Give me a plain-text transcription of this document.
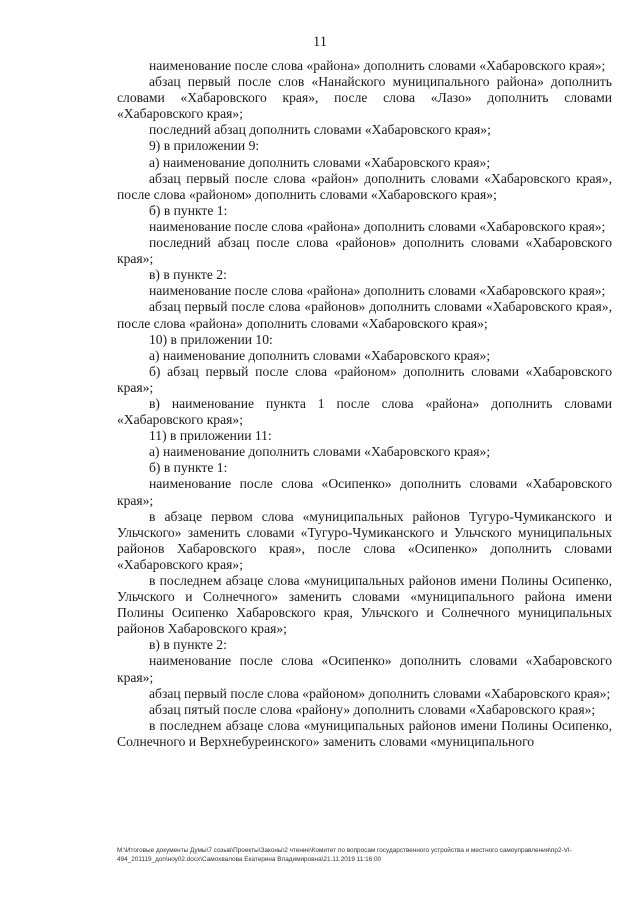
11

наименование после слова «района» дополнить словами «Хабаровского края»;

абзац первый после слов «Нанайского муниципального района» дополнить словами «Хабаровского края», после слова «Лазо» дополнить словами «Хабаровского края»;

последний абзац дополнить словами «Хабаровского края»;

9) в приложении 9:

а) наименование дополнить словами «Хабаровского края»;

абзац первый после слова «район» дополнить словами «Хабаровского края», после слова «районом» дополнить словами «Хабаровского края»;

б) в пункте 1:

наименование после слова «района» дополнить словами «Хабаровского края»;

последний абзац после слова «районов» дополнить словами «Хабаровского края»;

в) в пункте 2:

наименование после слова «района» дополнить словами «Хабаровского края»;

абзац первый после слова «районов» дополнить словами «Хабаровского края», после слова «района» дополнить словами «Хабаровского края»;

10) в приложении 10:

а) наименование дополнить словами «Хабаровского края»;

б) абзац первый после слова «районом» дополнить словами «Хабаровского края»;

в) наименование пункта 1 после слова «района» дополнить словами «Хабаровского края»;

11) в приложении 11:

а) наименование дополнить словами «Хабаровского края»;

б) в пункте 1:

наименование после слова «Осипенко» дополнить словами «Хабаровского края»;

в абзаце первом слова «муниципальных районов Тугуро-Чумиканского и Ульчского» заменить словами «Тугуро-Чумиканского и Ульчского муниципальных районов Хабаровского края», после слова «Осипенко» дополнить словами «Хабаровского края»;

в последнем абзаце слова «муниципальных районов имени Полины Осипенко, Ульчского и Солнечного» заменить словами «муниципального района имени Полины Осипенко Хабаровского края, Ульчского и Солнечного муниципальных районов Хабаровского края»;

в) в пункте 2:

наименование после слова «Осипенко» дополнить словами «Хабаровского края»;

абзац первый после слова «районом» дополнить словами «Хабаровского края»;

абзац пятый после слова «району» дополнить словами «Хабаровского края»;

в последнем абзаце слова «муниципальных районов имени Полины Осипенко, Солнечного и Верхнебуреинского» заменить словами «муниципального

M:\Итоговые документы Думы\7 созыв\Проекты\Законы\2 чтение\Комитет по вопросам государственного устройства и местного самоуправления\пр2-VI-494_201119_доп\ноу02.docx\Самохвалова Екатерина Владимировна\21.11.2019 11:16:00
